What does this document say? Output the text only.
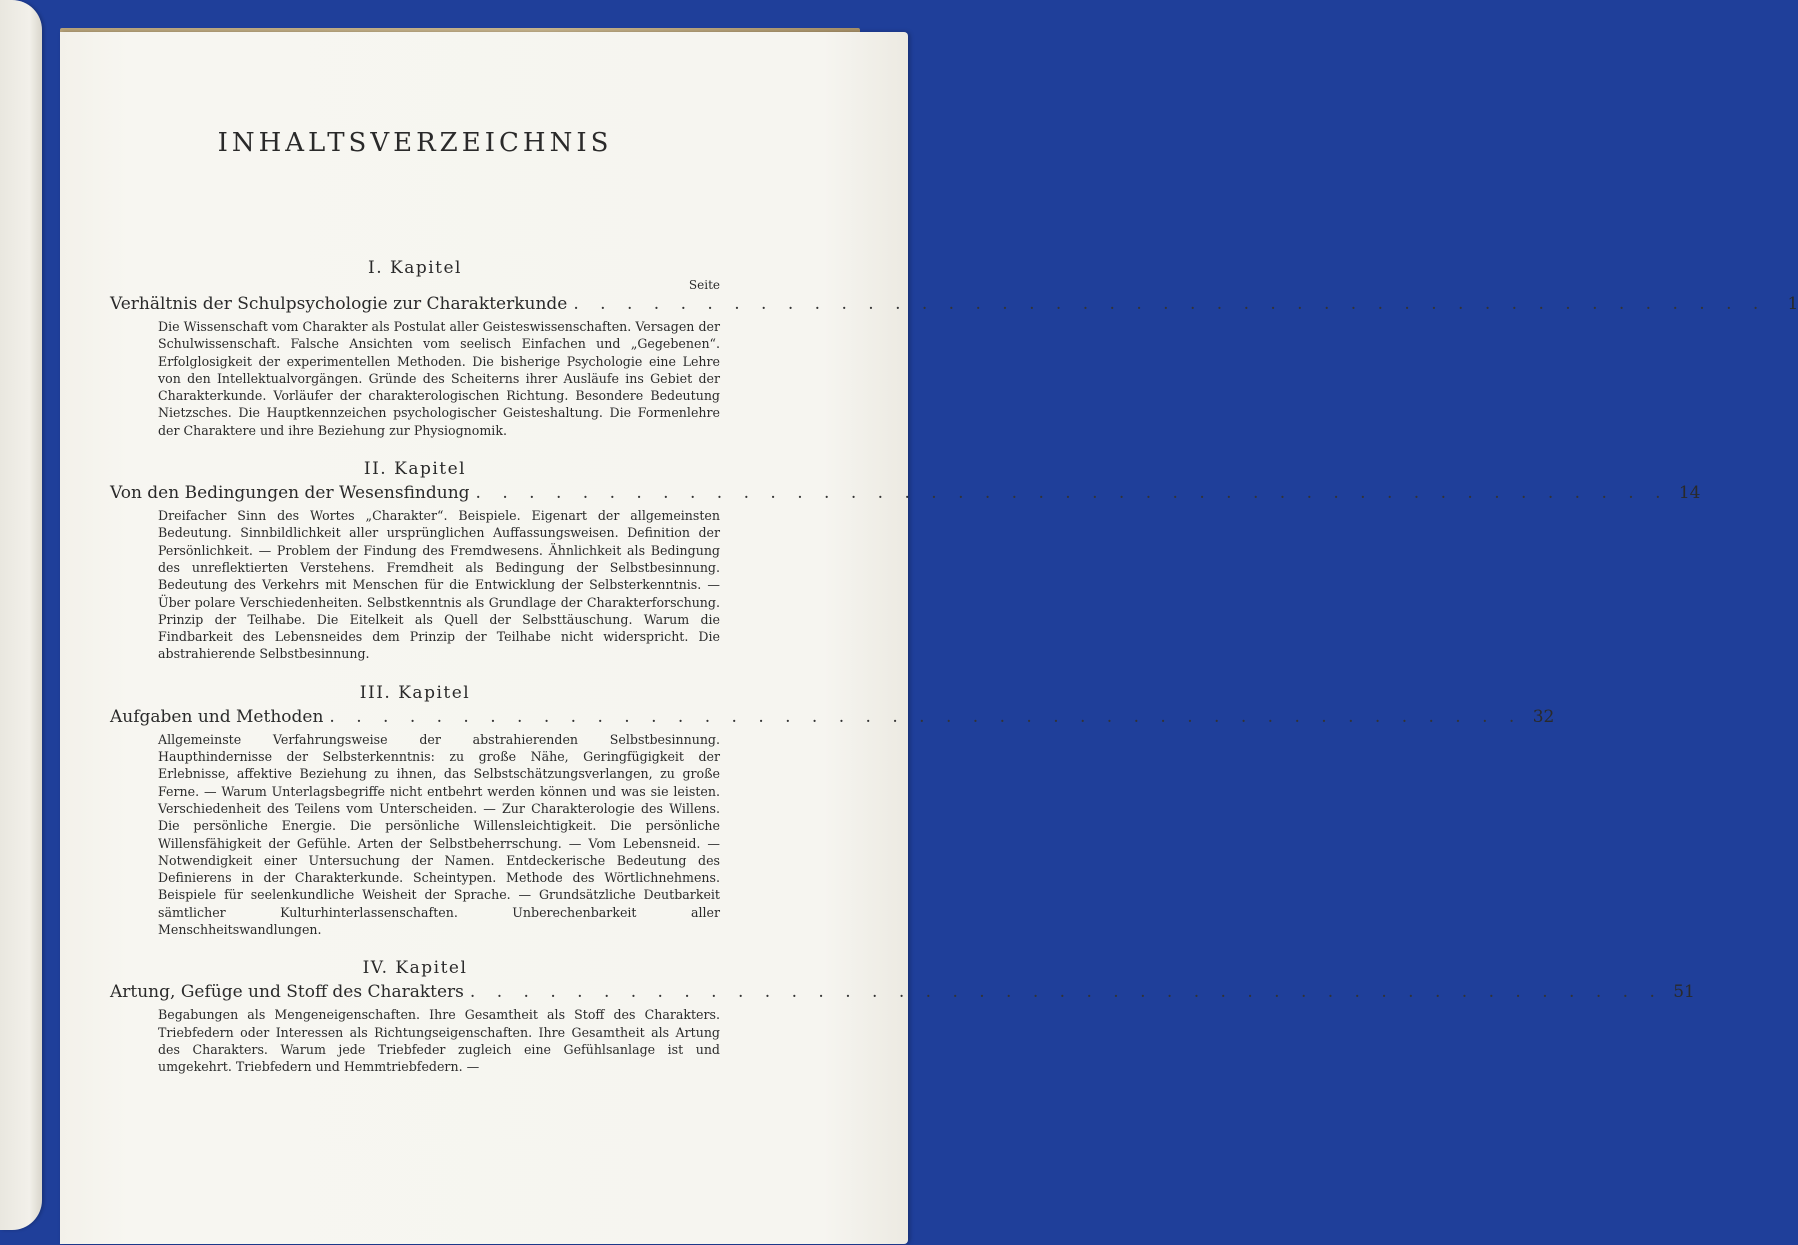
INHALTSVERZEICHNIS
I. Kapitel
Seite
Verhältnis der Schulpsychologie zur Charakterkunde . . . . . . . . . . . . . . . . . . . . . . . . . . . . . . . . . . . . . . . . . . . . .	1

Die Wissenschaft vom Charakter als Postulat aller Geisteswissenschaften. Versagen der Schulwissenschaft. Falsche Ansichten vom seelisch Einfachen und „Gegebenen“. Erfolglosigkeit der experimentellen Methoden. Die bisherige Psychologie eine Lehre von den Intellektualvorgängen. Gründe des Scheiterns ihrer Ausläufe ins Gebiet der Charakterkunde. Vorläufer der charakterologischen Richtung. Besondere Bedeutung Nietzsches. Die Hauptkennzeichen psychologischer Geisteshaltung. Die Formenlehre der Charaktere und ihre Beziehung zur Physiognomik.

II. Kapitel
Von den Bedingungen der Wesensfindung . . . . . . . . . . . . . . . . . . . . . . . . . . . . . . . . . . . . . . . . . . . . . 14

Dreifacher Sinn des Wortes „Charakter“. Beispiele. Eigenart der allgemeinsten Bedeutung. Sinnbildlichkeit aller ursprünglichen Auffassungsweisen. Definition der Persönlichkeit. — Problem der Findung des Fremdwesens. Ähnlichkeit als Bedingung des unreflektierten Verstehens. Fremdheit als Bedingung der Selbstbesinnung. Bedeutung des Verkehrs mit Menschen für die Entwicklung der Selbsterkenntnis. — Über polare Verschiedenheiten. Selbstkenntnis als Grundlage der Charakterforschung. Prinzip der Teilhabe. Die Eitelkeit als Quell der Selbsttäuschung. Warum die Findbarkeit des Lebensneides dem Prinzip der Teilhabe nicht widerspricht. Die abstrahierende Selbstbesinnung.

III. Kapitel
Aufgaben und Methoden . . . . . . . . . . . . . . . . . . . . . . . . . . . . . . . . . . . . . . . . . . . . . 32

Allgemeinste Verfahrungsweise der abstrahierenden Selbstbesinnung. Haupthindernisse der Selbsterkenntnis: zu große Nähe, Geringfügigkeit der Erlebnisse, affektive Beziehung zu ihnen, das Selbstschätzungsverlangen, zu große Ferne. — Warum Unterlagsbegriffe nicht entbehrt werden können und was sie leisten. Verschiedenheit des Teilens vom Unterscheiden. — Zur Charakterologie des Willens. Die persönliche Energie. Die persönliche Willensleichtigkeit. Die persönliche Willensfähigkeit der Gefühle. Arten der Selbstbeherrschung. — Vom Lebensneid. — Notwendigkeit einer Untersuchung der Namen. Entdeckerische Bedeutung des Definierens in der Charakterkunde. Scheintypen. Methode des Wörtlichnehmens. Beispiele für seelenkundliche Weisheit der Sprache. — Grundsätzliche Deutbarkeit sämtlicher Kulturhinterlassenschaften. Unberechenbarkeit aller Menschheitswandlungen.

IV. Kapitel
Artung, Gefüge und Stoff des Charakters . . . . . . . . . . . . . . . . . . . . . . . . . . . . . . . . . . . . . . . . . . . . . 51

Begabungen als Mengeneigenschaften. Ihre Gesamtheit als Stoff des Charakters. Triebfedern oder Interessen als Richtungseigenschaften. Ihre Gesamtheit als Artung des Charakters. Warum jede Triebfeder zugleich eine Gefühlsanlage ist und umgekehrt. Triebfedern und Hemmtriebfedern. —
